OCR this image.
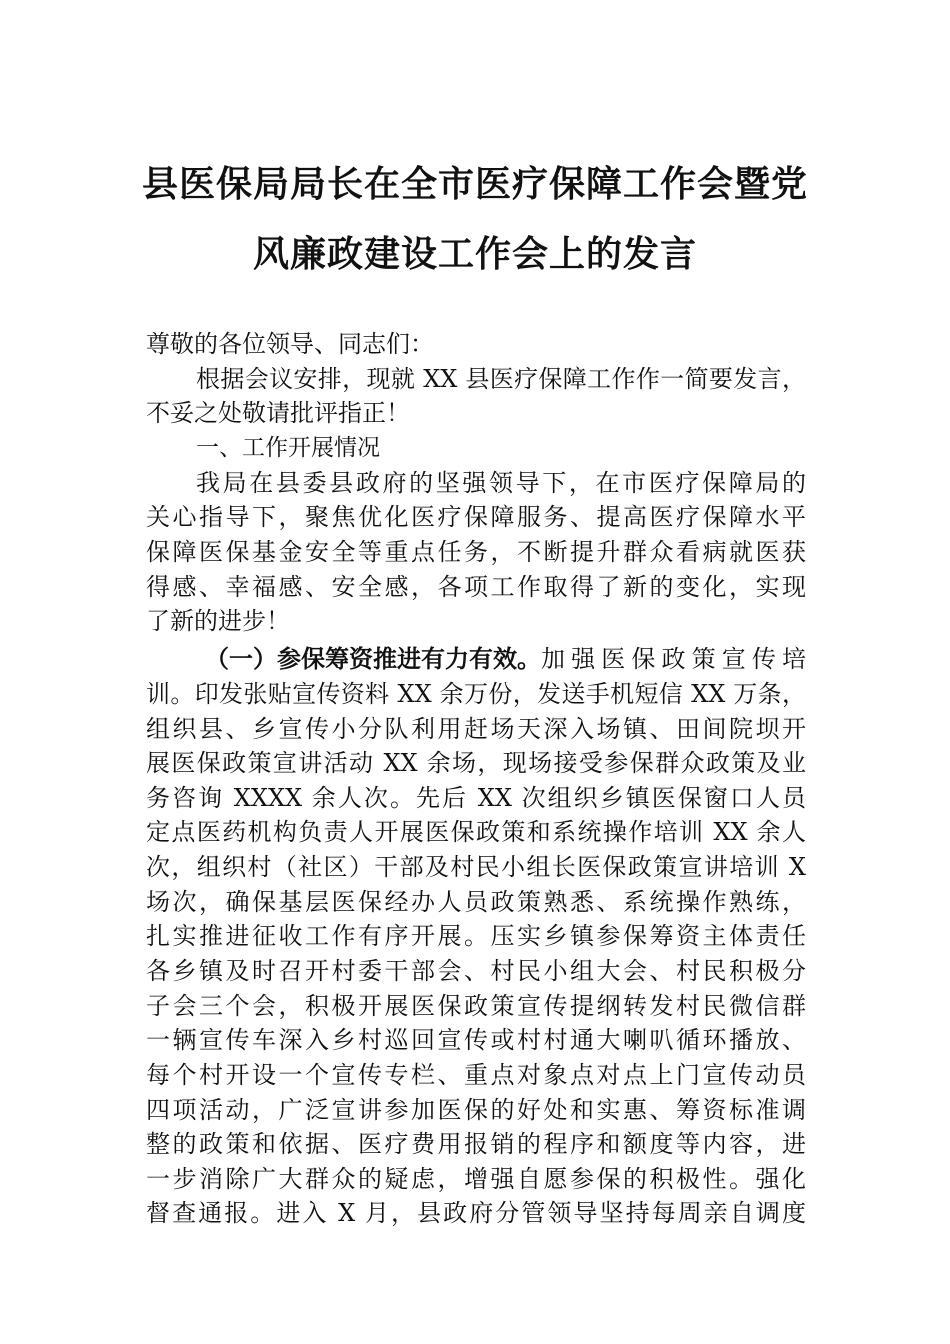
县医保局局长在全市医疗保障工作会暨党
风廉政建设工作会上的发言
尊敬的各位领导、同志们：
根据会议安排，现就 XX 县医疗保障工作作一简要发言，
不妥之处敬请批评指正！
一、工作开展情况
我局在县委县政府的坚强领导下，在市医疗保障局的
关心指导下，聚焦优化医疗保障服务、提高医疗保障水平
保障医保基金安全等重点任务，不断提升群众看病就医获
得感、幸福感、安全感，各项工作取得了新的变化，实现
了新的进步！
（一）参保筹资推进有力有效。 加强医保政策宣传培
训。印发张贴宣传资料 XX 余万份，发送手机短信 XX 万条，
组织县、乡宣传小分队利用赶场天深入场镇、田间院坝开
展医保政策宣讲活动 XX 余场，现场接受参保群众政策及业
务咨询 XXXX 余人次。先后 XX 次组织乡镇医保窗口人员
定点医药机构负责人开展医保政策和系统操作培训 XX 余人
次，组织村（社区）干部及村民小组长医保政策宣讲培训 X
场次，确保基层医保经办人员政策熟悉、系统操作熟练，
扎实推进征收工作有序开展。压实乡镇参保筹资主体责任
各乡镇及时召开村委干部会、村民小组大会、村民积极分
子会三个会，积极开展医保政策宣传提纲转发村民微信群
一辆宣传车深入乡村巡回宣传或村村通大喇叭循环播放、
每个村开设一个宣传专栏、重点对象点对点上门宣传动员
四项活动，广泛宣讲参加医保的好处和实惠、筹资标准调
整的政策和依据、医疗费用报销的程序和额度等内容，进
一步消除广大群众的疑虑，增强自愿参保的积极性。强化
督查通报。进入 X 月，县政府分管领导坚持每周亲自调度
